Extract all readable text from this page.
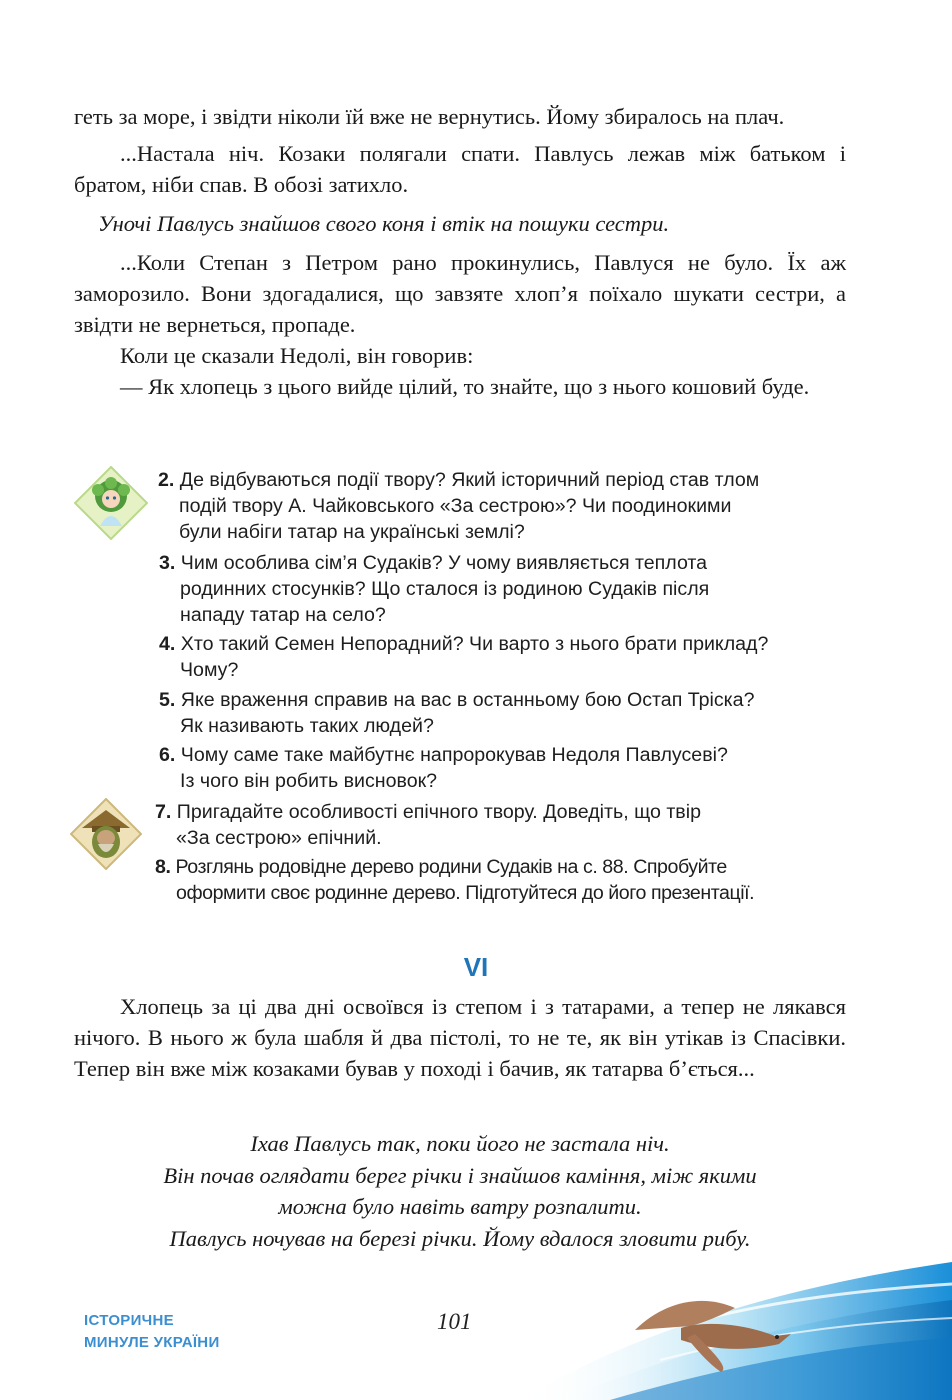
геть за море, і звідти ніколи їй вже не вернутись. Йому збиралось на плач.

...Настала ніч. Козаки полягали спати. Павлусь лежав між батьком і братом, ніби спав. В обозі затихло.

Уночі Павлусь знайшов свого коня і втік на пошуки сестри.

...Коли Степан з Петром рано прокинулись, Павлуся не було. Їх аж заморозило. Вони здогадалися, що завзяте хлоп’я поїхало шукати сестри, а звідти не вернеться, пропаде.

Коли це сказали Недолі, він говорив:

— Як хлопець з цього вийде цілий, то знайте, що з нього кошовий буде.

2. Де відбуваються події твору? Який історичний період став тлом
подій твору А. Чайковського «За сестрою»? Чи поодинокими
були набіги татар на українські землі?
3. Чим особлива сім’я Судаків? У чому виявляється теплота
родинних стосунків? Що сталося із родиною Судаків після
нападу татар на село?
4. Хто такий Семен Непорадний? Чи варто з нього брати приклад?
Чому?
5. Яке враження справив на вас в останньому бою Остап Тріска?
Як називають таких людей?
6. Чому саме таке майбутнє напророкував Недоля Павлусеві?
Із чого він робить висновок?
7. Пригадайте особливості епічного твору. Доведіть, що твір
«За сестрою» епічний.
8. Розглянь родовідне дерево родини Судаків на с. 88. Спробуйте
оформити своє родинне дерево. Підготуйтеся до його презентації.
VI

Хлопець за ці два дні освоївся із степом і з татарами, а тепер не лякався нічого. В нього ж була шабля й два пістолі, то не те, як він утікав із Спасівки. Тепер він вже між козаками бував у поході і бачив, як татарва б’ється...

Іхав Павлусь так, поки його не застала ніч.
Він почав оглядати берег річки і знайшов каміння, між якими
можна було навіть ватру розпалити.
Павлусь ночував на березі річки. Йому вдалося зловити рибу.
ІСТОРИЧНЕ
МИНУЛЕ УКРАЇНИ
101
